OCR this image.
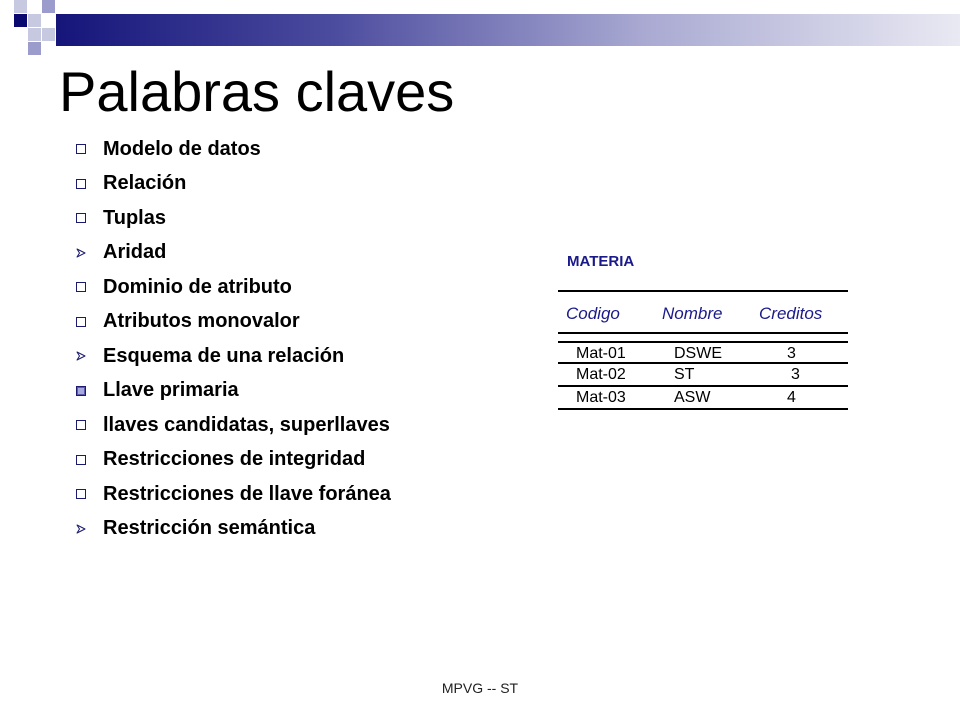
Palabras claves
Modelo de datos
Relación
Tuplas
Aridad
Dominio de atributo
Atributos monovalor
Esquema de una relación
Llave primaria
llaves candidatas, superllaves
Restricciones de integridad
Restricciones de llave foránea
Restricción semántica
MATERIA
Codigo Nombre Creditos
Mat-01	DSWE	3
Mat-02	ST	3
Mat-03	ASW	4
MPVG -- ST
